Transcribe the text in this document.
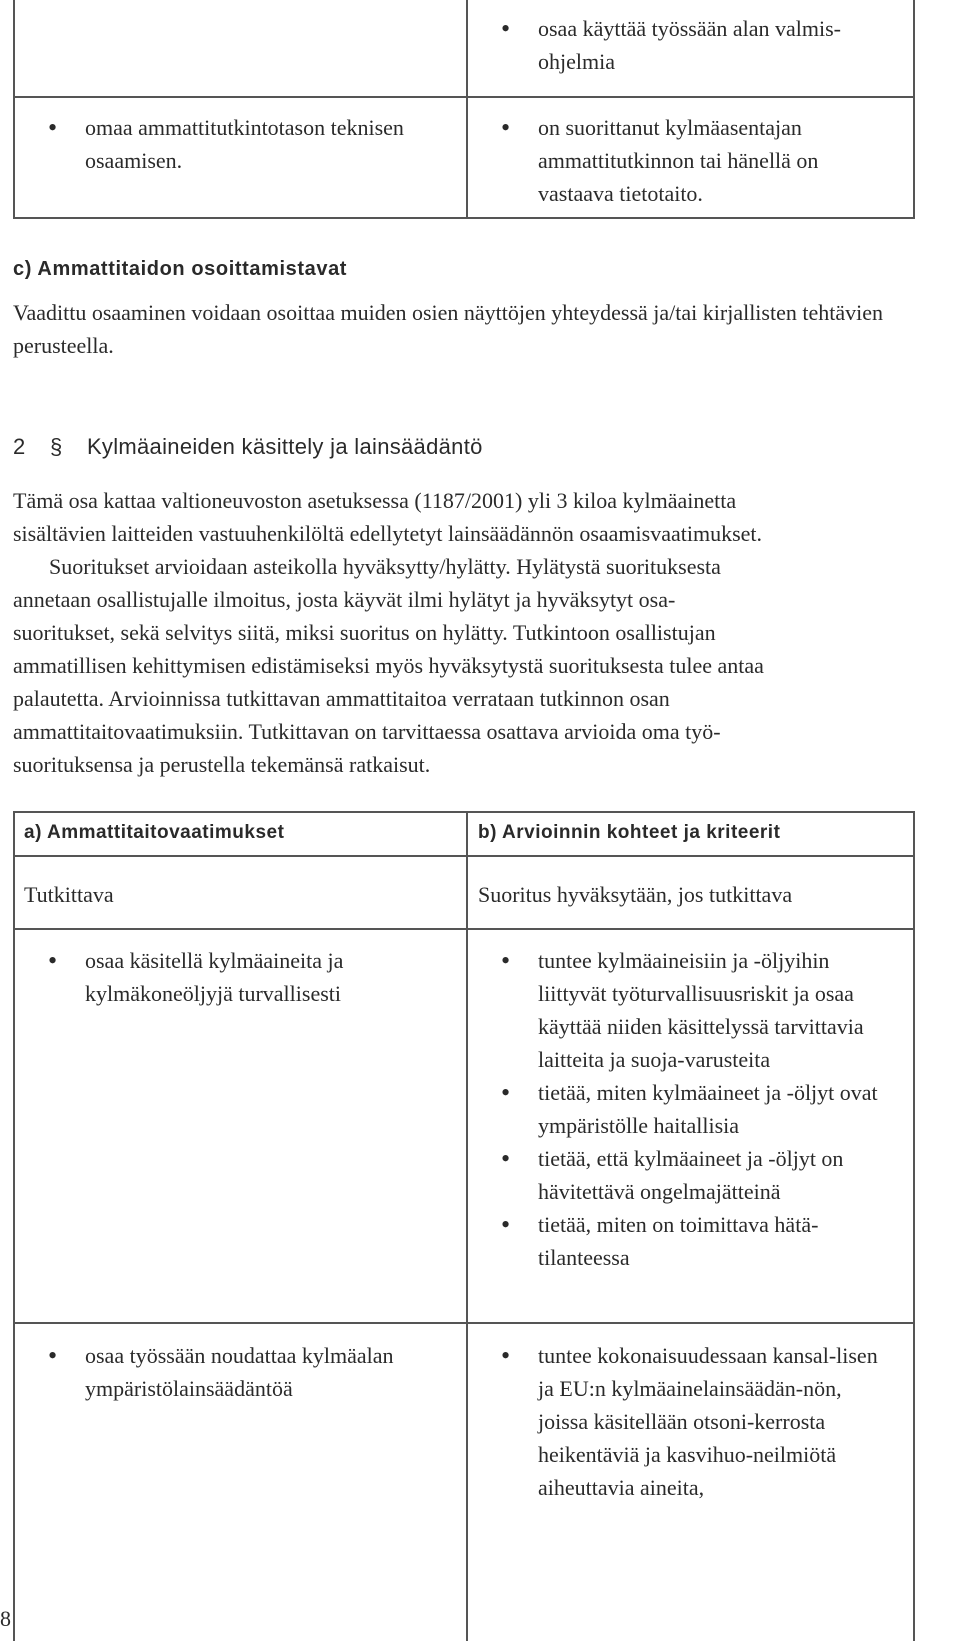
• osaa käyttää työssään alan valmis-ohjelmia
• omaa ammattitutkintotason teknisen osaamisen.
• on suorittanut kylmäasentajan ammattitutkinnon tai hänellä on vastaava tietotaito.
c) Ammattitaidon osoittamistavat
Vaadittu osaaminen voidaan osoittaa muiden osien näyttöjen yhteydessä ja/tai kirjallisten tehtävien perusteella.
2 § Kylmäaineiden käsittely ja lainsäädäntö
Tämä osa kattaa valtioneuvoston asetuksessa (1187/2001) yli 3 kiloa kylmäainetta
sisältävien laitteiden vastuuhenkilöltä edellytetyt lainsäädännön osaamisvaatimukset.
Suoritukset arvioidaan asteikolla hyväksytty/hylätty. Hylätystä suorituksesta
annetaan osallistujalle ilmoitus, josta käyvät ilmi hylätyt ja hyväksytyt osa-
suoritukset, sekä selvitys siitä, miksi suoritus on hylätty. Tutkintoon osallistujan
ammatillisen kehittymisen edistämiseksi myös hyväksytystä suorituksesta tulee antaa
palautetta. Arvioinnissa tutkittavan ammattitaitoa verrataan tutkinnon osan
ammattitaitovaatimuksiin. Tutkittavan on tarvittaessa osattava arvioida oma työ-
suorituksensa ja perustella tekemänsä ratkaisut.
a) Ammattitaitovaatimukset	b) Arvioinnin kohteet ja kriteerit
Tutkittava	Suoritus hyväksytään, jos tutkittava
• osaa käsitellä kylmäaineita ja kylmäkoneöljyjä turvallisesti
• tuntee kylmäaineisiin ja -öljyihin liittyvät työturvallisuusriskit ja osaa käyttää niiden käsittelyssä tarvittavia laitteita ja suoja-varusteita
• tietää, miten kylmäaineet ja -öljyt ovat ympäristölle haitallisia
• tietää, että kylmäaineet ja -öljyt on hävitettävä ongelmajätteinä
• tietää, miten on toimittava hätä-tilanteessa
• osaa työssään noudattaa kylmäalan ympäristölainsäädäntöä
• tuntee kokonaisuudessaan kansal-lisen ja EU:n kylmäainelainsäädän-nön, joissa käsitellään otsoni-kerrosta heikentäviä ja kasvihuo-neilmiötä aiheuttavia aineita,
8
